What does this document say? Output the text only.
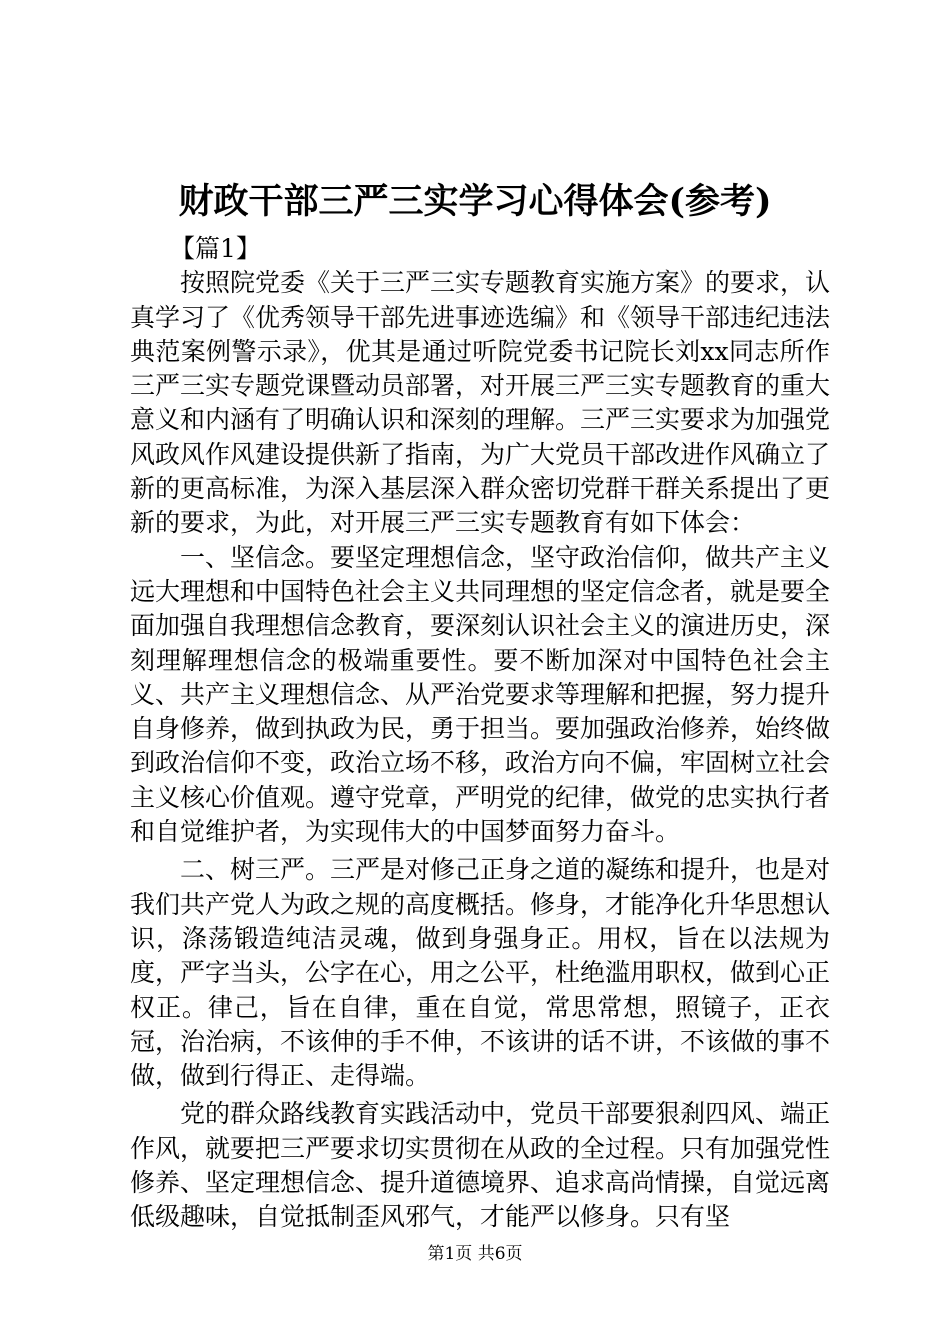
财政干部三严三实学习心得体会(参考)

【篇1】

按照院党委《关于三严三实专题教育实施方案》的要求，认真学习了《优秀领导干部先进事迹选编》和《领导干部违纪违法典范案例警示录》，优其是通过听院党委书记院长刘xx同志所作三严三实专题党课暨动员部署，对开展三严三实专题教育的重大意义和内涵有了明确认识和深刻的理解。三严三实要求为加强党风政风作风建设提供新了指南，为广大党员干部改进作风确立了新的更高标准，为深入基层深入群众密切党群干群关系提出了更新的要求，为此，对开展三严三实专题教育有如下体会：

一、坚信念。要坚定理想信念，坚守政治信仰，做共产主义远大理想和中国特色社会主义共同理想的坚定信念者，就是要全面加强自我理想信念教育，要深刻认识社会主义的演进历史，深刻理解理想信念的极端重要性。要不断加深对中国特色社会主义、共产主义理想信念、从严治党要求等理解和把握，努力提升自身修养，做到执政为民，勇于担当。要加强政治修养，始终做到政治信仰不变，政治立场不移，政治方向不偏，牢固树立社会主义核心价值观。遵守党章，严明党的纪律，做党的忠实执行者和自觉维护者，为实现伟大的中国梦面努力奋斗。

二、树三严。三严是对修己正身之道的凝练和提升，也是对我们共产党人为政之规的高度概括。修身，才能净化升华思想认识，涤荡锻造纯洁灵魂，做到身强身正。用权，旨在以法规为度，严字当头，公字在心，用之公平，杜绝滥用职权，做到心正权正。律己，旨在自律，重在自觉，常思常想，照镜子，正衣冠，治治病，不该伸的手不伸，不该讲的话不讲，不该做的事不做，做到行得正、走得端。

党的群众路线教育实践活动中，党员干部要狠刹四风、端正作风，就要把三严要求切实贯彻在从政的全过程。只有加强党性修养、坚定理想信念、提升道德境界、追求高尚情操，自觉远离低级趣味，自觉抵制歪风邪气，才能严以修身。只有坚

第1页 共6页
